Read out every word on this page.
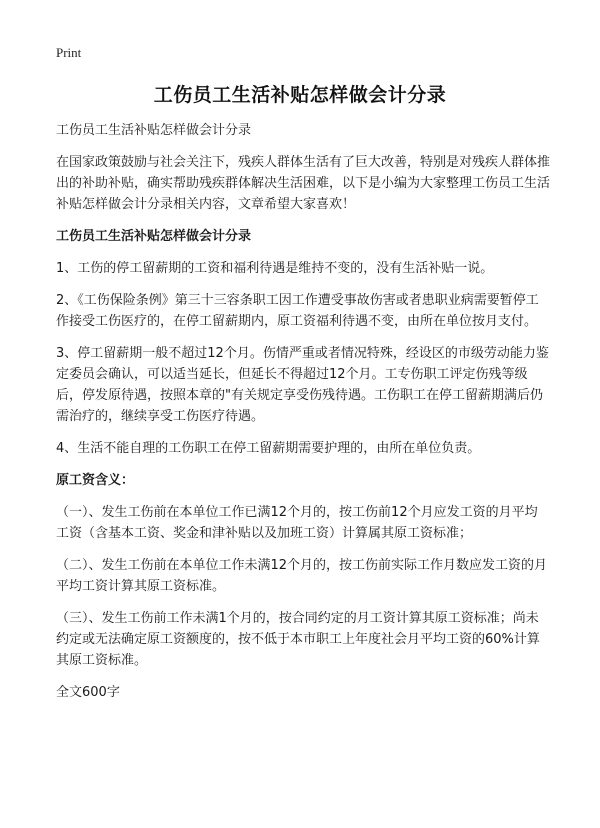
Print
工伤员工生活补贴怎样做会计分录

工伤员工生活补贴怎样做会计分录

在国家政策鼓励与社会关注下，残疾人群体生活有了巨大改善，特别是对残疾人群体推出的补助补贴，确实帮助残疾群体解决生活困难，以下是小编为大家整理工伤员工生活补贴怎样做会计分录相关内容，文章希望大家喜欢！

工伤员工生活补贴怎样做会计分录

1、工伤的停工留薪期的工资和福利待遇是维持不变的，没有生活补贴一说。

2、《工伤保险条例》第三十三容条职工因工作遭受事故伤害或者患职业病需要暂停工作接受工伤医疗的，在停工留薪期内，原工资福利待遇不变，由所在单位按月支付。

3、停工留薪期一般不超过12个月。伤情严重或者情况特殊，经设区的市级劳动能力鉴定委员会确认，可以适当延长，但延长不得超过12个月。工专伤职工评定伤残等级后，停发原待遇，按照本章的"有关规定享受伤残待遇。工伤职工在停工留薪期满后仍需治疗的，继续享受工伤医疗待遇。

4、生活不能自理的工伤职工在停工留薪期需要护理的，由所在单位负责。

原工资含义：

（一）、发生工伤前在本单位工作已满12个月的，按工伤前12个月应发工资的月平均工资（含基本工资、奖金和津补贴以及加班工资）计算属其原工资标准；

（二）、发生工伤前在本单位工作未满12个月的，按工伤前实际工作月数应发工资的月平均工资计算其原工资标准。

（三）、发生工伤前工作未满1个月的，按合同约定的月工资计算其原工资标准；尚未约定或无法确定原工资额度的，按不低于本市职工上年度社会月平均工资的60%计算其原工资标准。

全文600字
